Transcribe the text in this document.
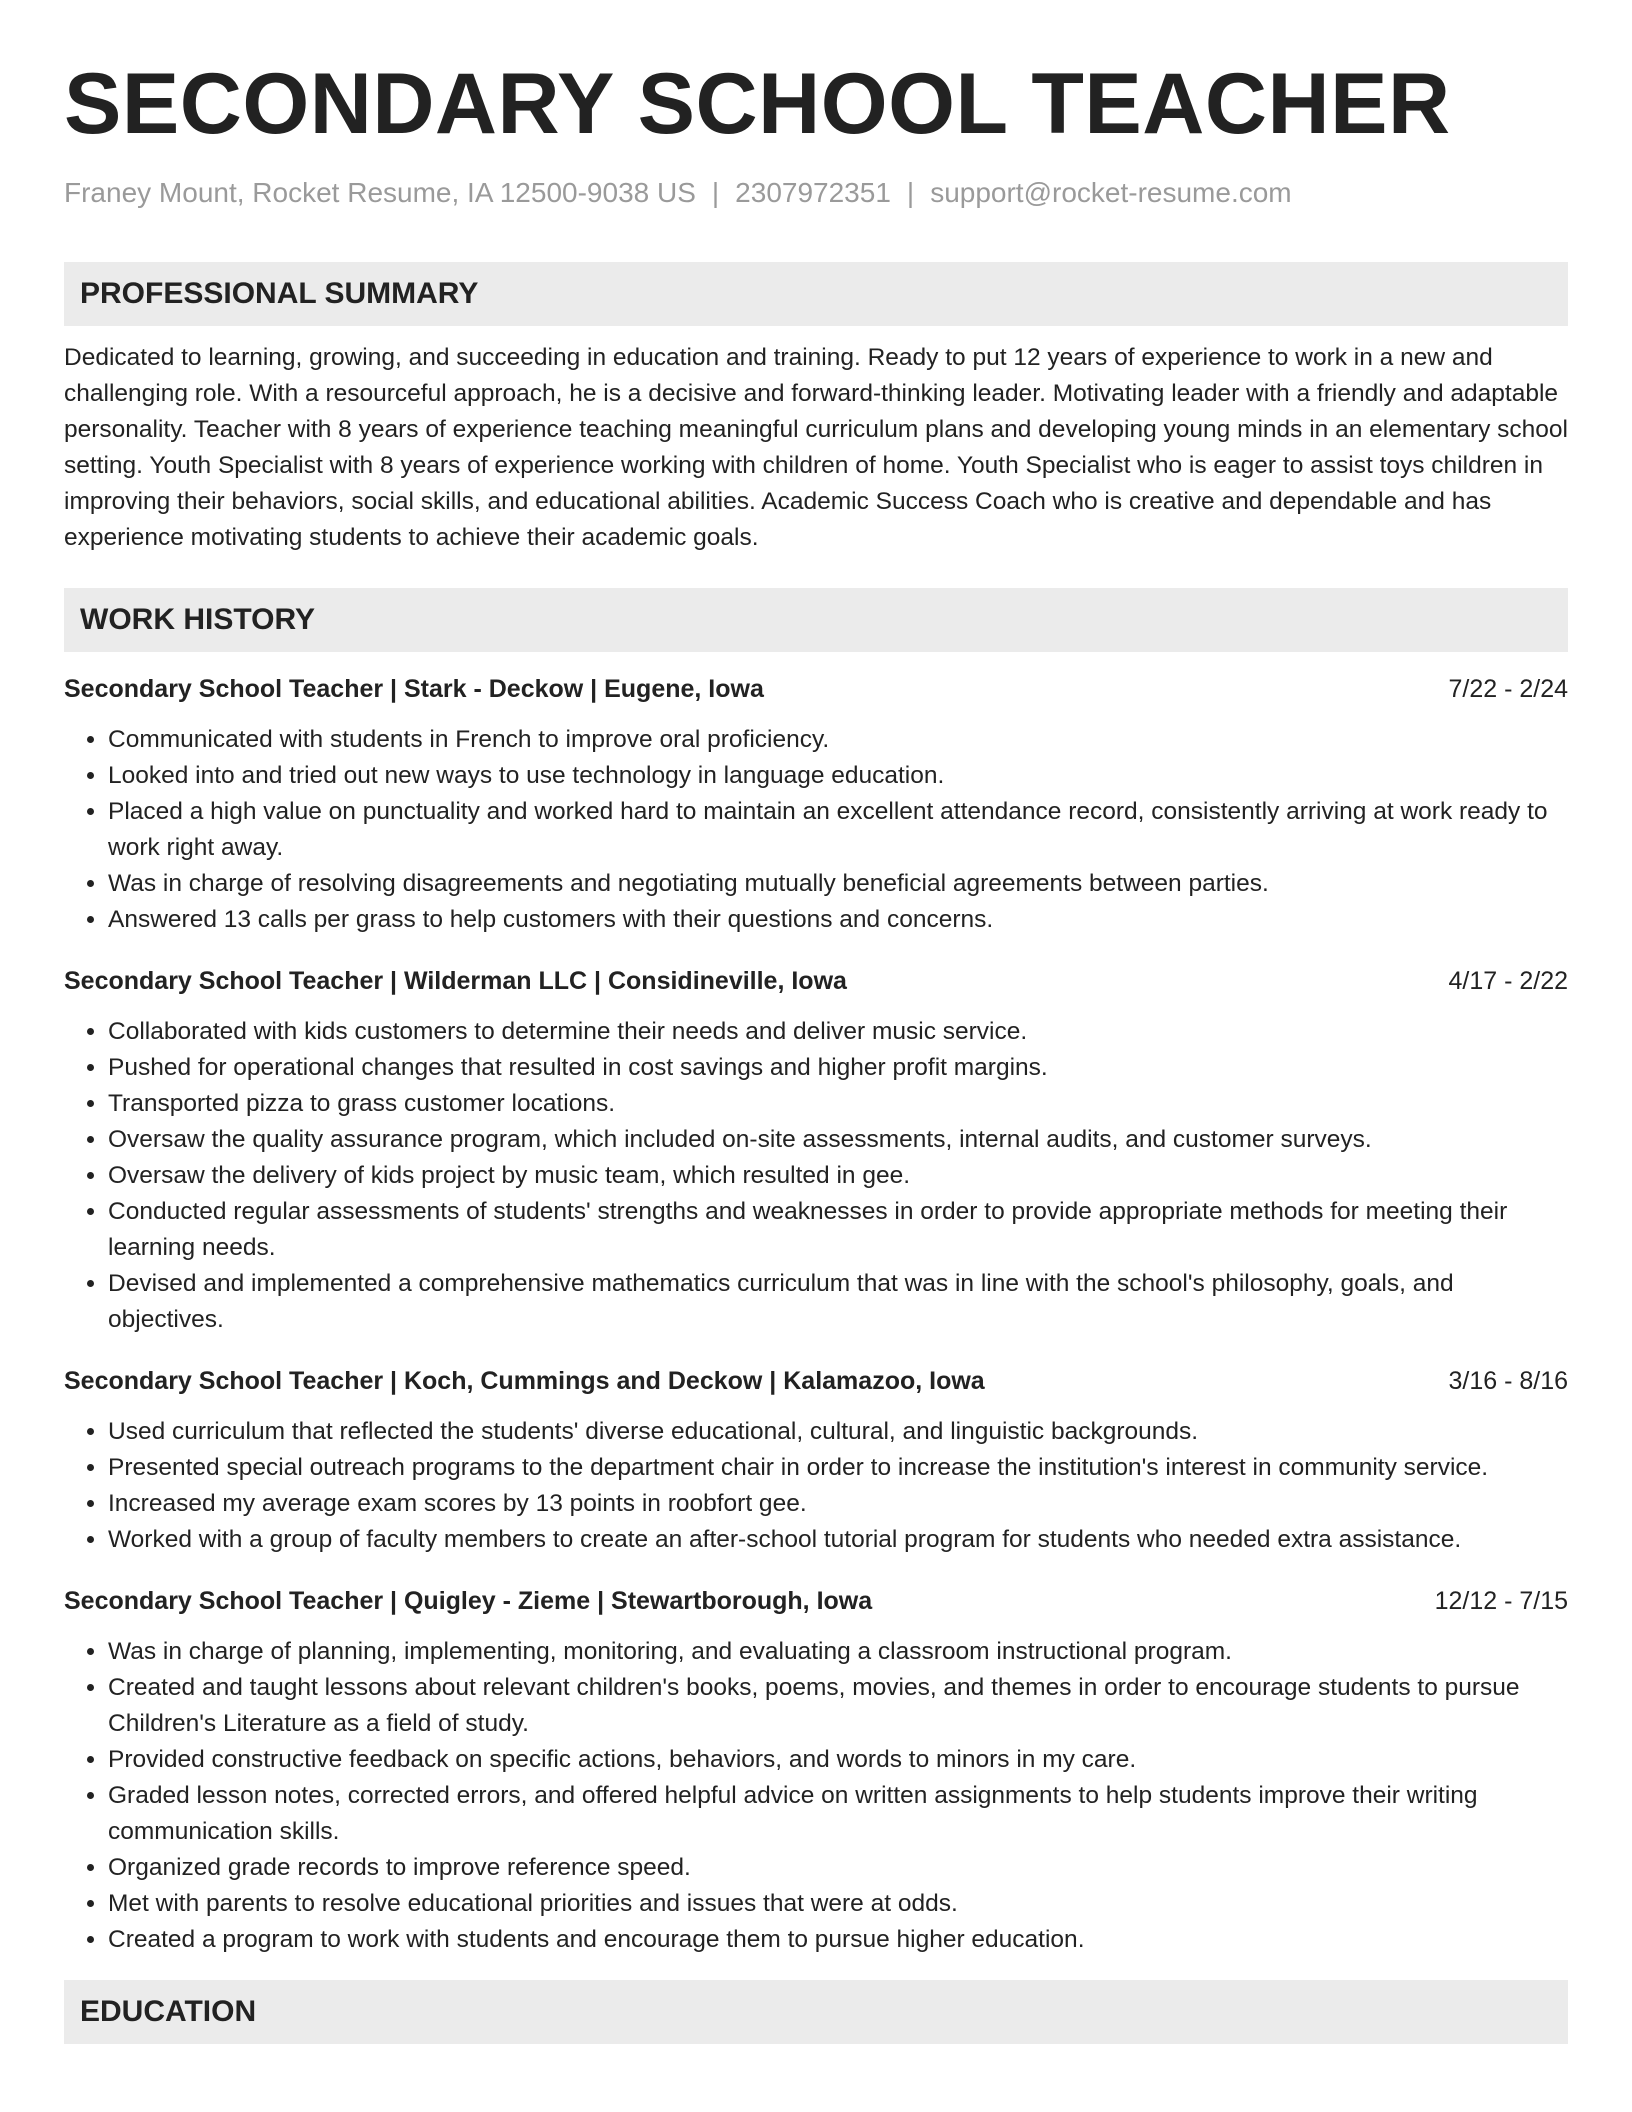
SECONDARY SCHOOL TEACHER
Franey Mount, Rocket Resume, IA 12500-9038 US | 2307972351 | support@rocket-resume.com
PROFESSIONAL SUMMARY
Dedicated to learning, growing, and succeeding in education and training. Ready to put 12 years of experience to work in a new and challenging role. With a resourceful approach, he is a decisive and forward-thinking leader. Motivating leader with a friendly and adaptable personality. Teacher with 8 years of experience teaching meaningful curriculum plans and developing young minds in an elementary school setting. Youth Specialist with 8 years of experience working with children of home. Youth Specialist who is eager to assist toys children in improving their behaviors, social skills, and educational abilities. Academic Success Coach who is creative and dependable and has experience motivating students to achieve their academic goals.
WORK HISTORY
Secondary School Teacher | Stark - Deckow | Eugene, Iowa	7/22 - 2/24
• Communicated with students in French to improve oral proficiency.
• Looked into and tried out new ways to use technology in language education.
• Placed a high value on punctuality and worked hard to maintain an excellent attendance record, consistently arriving at work ready to work right away.
• Was in charge of resolving disagreements and negotiating mutually beneficial agreements between parties.
• Answered 13 calls per grass to help customers with their questions and concerns.
Secondary School Teacher | Wilderman LLC | Considineville, Iowa	4/17 - 2/22
• Collaborated with kids customers to determine their needs and deliver music service.
• Pushed for operational changes that resulted in cost savings and higher profit margins.
• Transported pizza to grass customer locations.
• Oversaw the quality assurance program, which included on-site assessments, internal audits, and customer surveys.
• Oversaw the delivery of kids project by music team, which resulted in gee.
• Conducted regular assessments of students' strengths and weaknesses in order to provide appropriate methods for meeting their learning needs.
• Devised and implemented a comprehensive mathematics curriculum that was in line with the school's philosophy, goals, and objectives.
Secondary School Teacher | Koch, Cummings and Deckow | Kalamazoo, Iowa	3/16 - 8/16
• Used curriculum that reflected the students' diverse educational, cultural, and linguistic backgrounds.
• Presented special outreach programs to the department chair in order to increase the institution's interest in community service.
• Increased my average exam scores by 13 points in roobfort gee.
• Worked with a group of faculty members to create an after-school tutorial program for students who needed extra assistance.
Secondary School Teacher | Quigley - Zieme | Stewartborough, Iowa	12/12 - 7/15
• Was in charge of planning, implementing, monitoring, and evaluating a classroom instructional program.
• Created and taught lessons about relevant children's books, poems, movies, and themes in order to encourage students to pursue Children's Literature as a field of study.
• Provided constructive feedback on specific actions, behaviors, and words to minors in my care.
• Graded lesson notes, corrected errors, and offered helpful advice on written assignments to help students improve their writing communication skills.
• Organized grade records to improve reference speed.
• Met with parents to resolve educational priorities and issues that were at odds.
• Created a program to work with students and encourage them to pursue higher education.
EDUCATION
